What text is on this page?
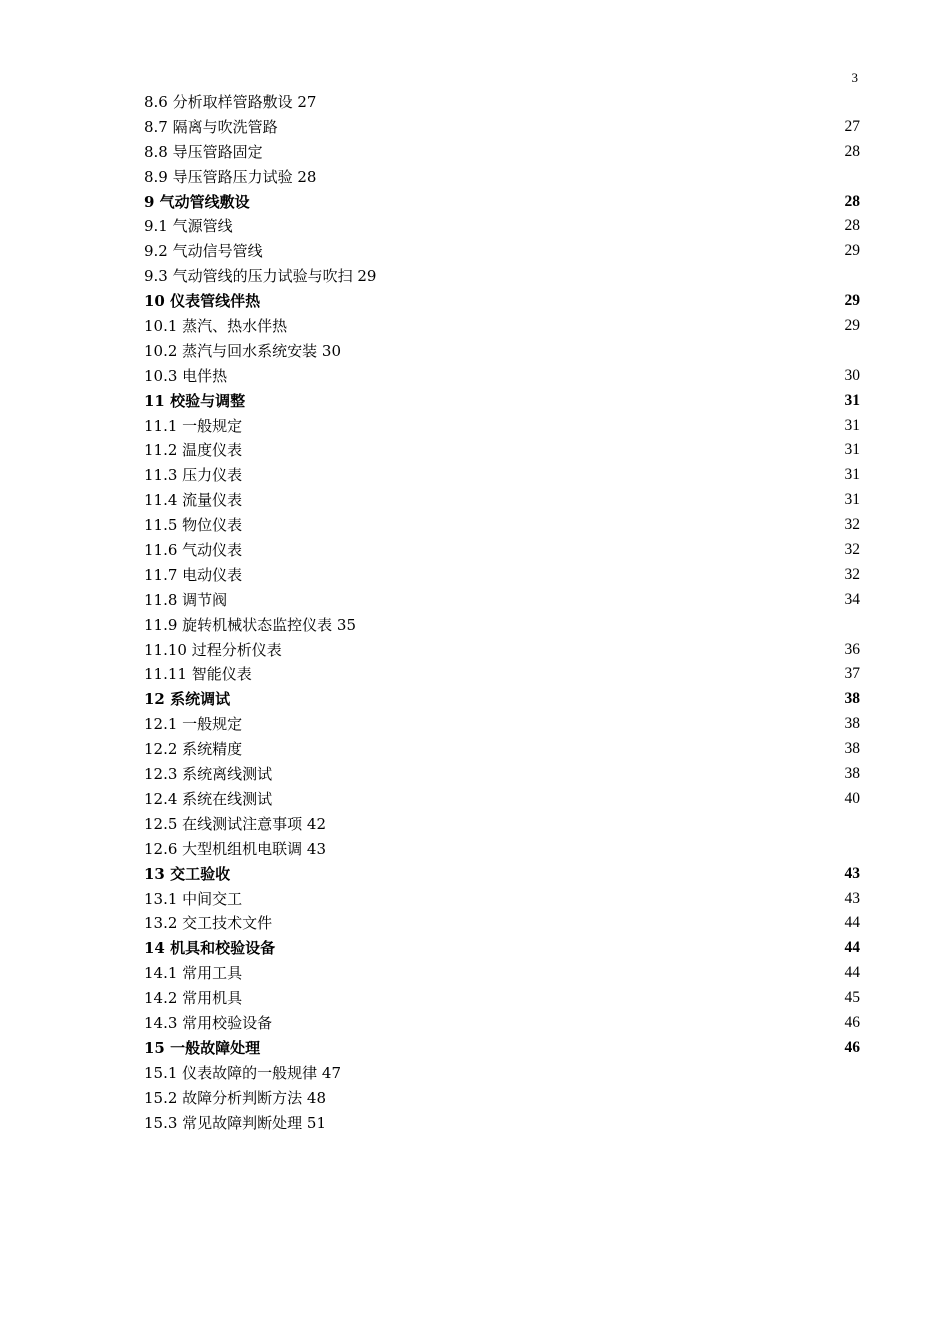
3
8.6 分析取样管路敷设 27
8.7 隔离与吹洗管路	27
8.8 导压管路固定	28
8.9 导压管路压力试验 28
9 气动管线敷设	28
9.1 气源管线	28
9.2 气动信号管线	29
9.3 气动管线的压力试验与吹扫 29
10 仪表管线伴热	29
10.1 蒸汽、热水伴热	29
10.2 蒸汽与回水系统安装 30
10.3 电伴热	30
11 校验与调整	31
11.1 一般规定	31
11.2 温度仪表	31
11.3 压力仪表	31
11.4 流量仪表	31
11.5 物位仪表	32
11.6 气动仪表	32
11.7 电动仪表	32
11.8 调节阀	34
11.9 旋转机械状态监控仪表 35
11.10 过程分析仪表	36
11.11 智能仪表	37
12 系统调试	38
12.1 一般规定	38
12.2 系统精度	38
12.3 系统离线测试	38
12.4 系统在线测试	40
12.5 在线测试注意事项 42
12.6 大型机组机电联调 43
13 交工验收	43
13.1 中间交工	43
13.2 交工技术文件	44
14 机具和校验设备	44
14.1 常用工具	44
14.2 常用机具	45
14.3 常用校验设备	46
15 一般故障处理	46
15.1 仪表故障的一般规律 47
15.2 故障分析判断方法 48
15.3 常见故障判断处理 51
